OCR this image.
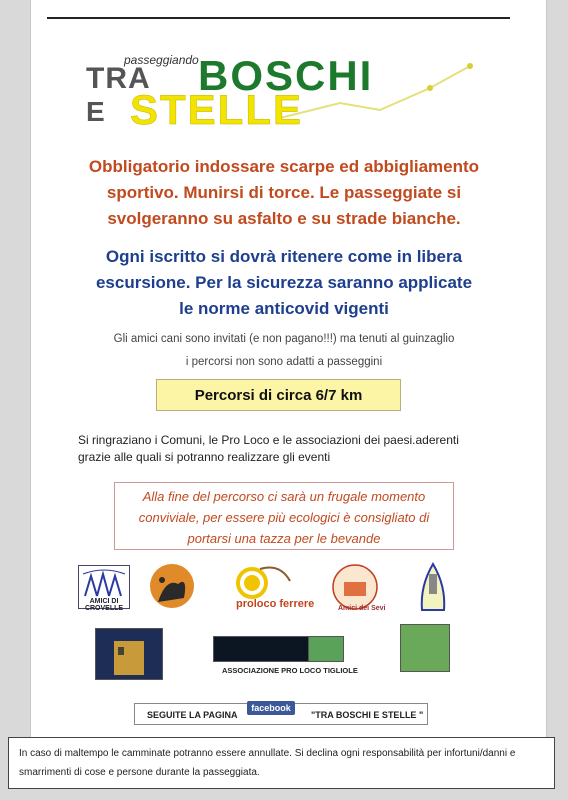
passeggiando
TRA BOSCHI
E STELLE
Obbligatorio indossare scarpe ed abbigliamento
sportivo. Munirsi di torce. Le passeggiate si
svolgeranno su asfalto e su strade bianche.
Ogni iscritto si dovrà ritenere come in libera
escursione. Per la sicurezza saranno applicate
le norme anticovid vigenti
Gli amici cani sono invitati (e non pagano!!!) ma tenuti al guinzaglio
i percorsi non sono adatti a passeggini
Percorsi di circa 6/7 km
Si ringraziano i Comuni, le Pro Loco e le associazioni dei paesi.aderenti
grazie alle quali si potranno realizzare gli eventi
Alla fine del percorso ci sarà un frugale momento
conviviale, per essere più ecologici è consigliato di
portarsi una tazza per le bevande
AMICI DI CROVELLE	proloco ferrere	Amici dei Sevi
ASSOCIAZIONE PRO LOCO TIGLIOLE
SEGUITE LA PAGINA
facebook
"TRA BOSCHI E STELLE "
In caso di maltempo le camminate potranno essere annullate. Si declina ogni responsabilità per infortuni/danni e
smarrimenti di cose e persone durante la passeggiata.
